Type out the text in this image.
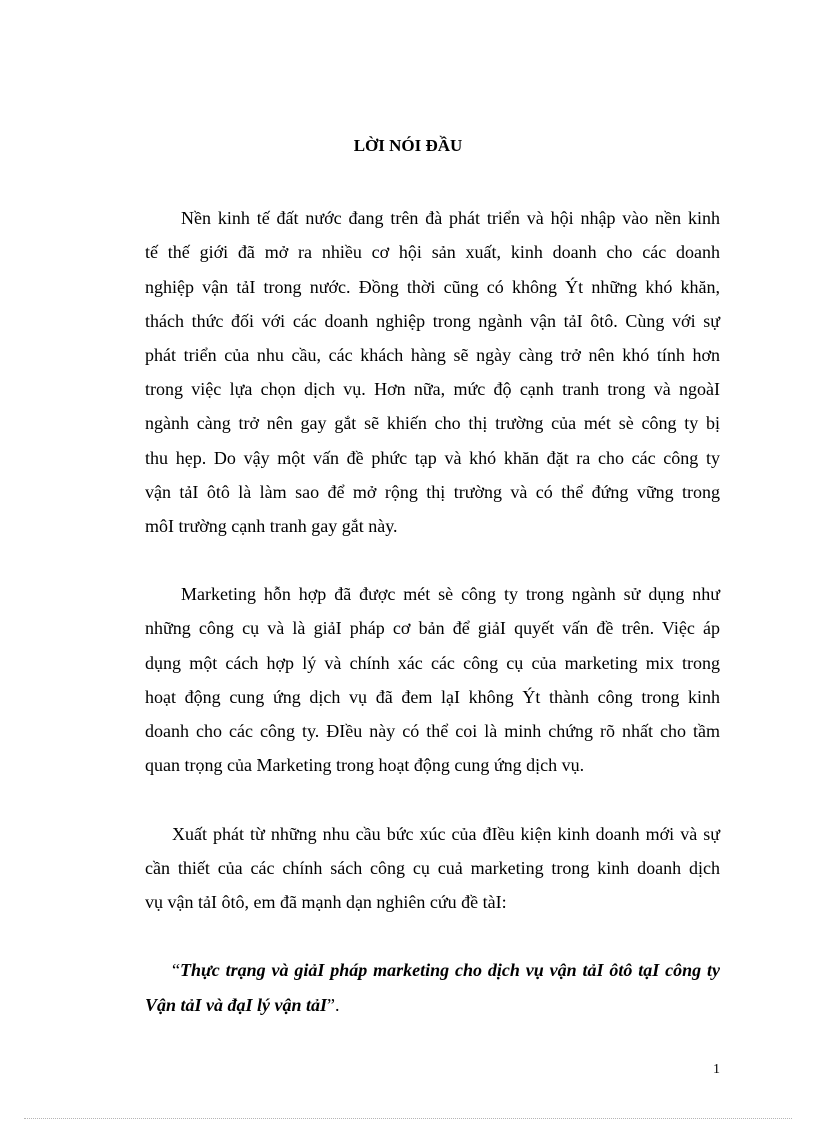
LỜI NÓI ĐẦU
Nền kinh tế đất nước đang trên đà phát triển và hội nhập vào nền kinh
tế thế giới đã mở ra nhiều cơ hội sản xuất, kinh doanh cho các doanh
nghiệp vận tảI trong nước. Đồng thời cũng có không Ýt những khó khăn,
thách thức đối với các doanh nghiệp trong ngành vận tảI ôtô. Cùng với sự
phát triển của nhu cầu, các khách hàng sẽ ngày càng trở nên khó tính hơn
trong việc lựa chọn dịch vụ. Hơn nữa, mức độ cạnh tranh trong và ngoàI
ngành càng trở nên gay gắt sẽ khiến cho thị trường của mét sè công ty bị
thu hẹp. Do vậy một vấn đề phức tạp và khó khăn đặt ra cho các công ty
vận tảI ôtô là làm sao để mở rộng thị trường và có thể đứng vững trong
môI trường cạnh tranh gay gắt này.
Marketing hỗn hợp đã được mét sè công ty trong ngành sử dụng như
những công cụ và là giảI pháp cơ bản để giảI quyết vấn đề trên. Việc áp
dụng một cách hợp lý và chính xác các công cụ của marketing mix trong
hoạt động cung ứng dịch vụ đã đem lạI không Ýt thành công trong kinh
doanh cho các công ty. ĐIều này có thể coi là minh chứng rõ nhất cho tầm
quan trọng của Marketing trong hoạt động cung ứng dịch vụ.
Xuất phát từ những nhu cầu bức xúc của đIều kiện kinh doanh mới và sự
cần thiết của các chính sách công cụ cuả marketing trong kinh doanh dịch
vụ vận tảI ôtô, em đã mạnh dạn nghiên cứu đề tàI:
“Thực trạng và giảI pháp marketing cho dịch vụ vận tảI ôtô tạI công ty
Vận tảI và đạI lý vận tảI”.
1
